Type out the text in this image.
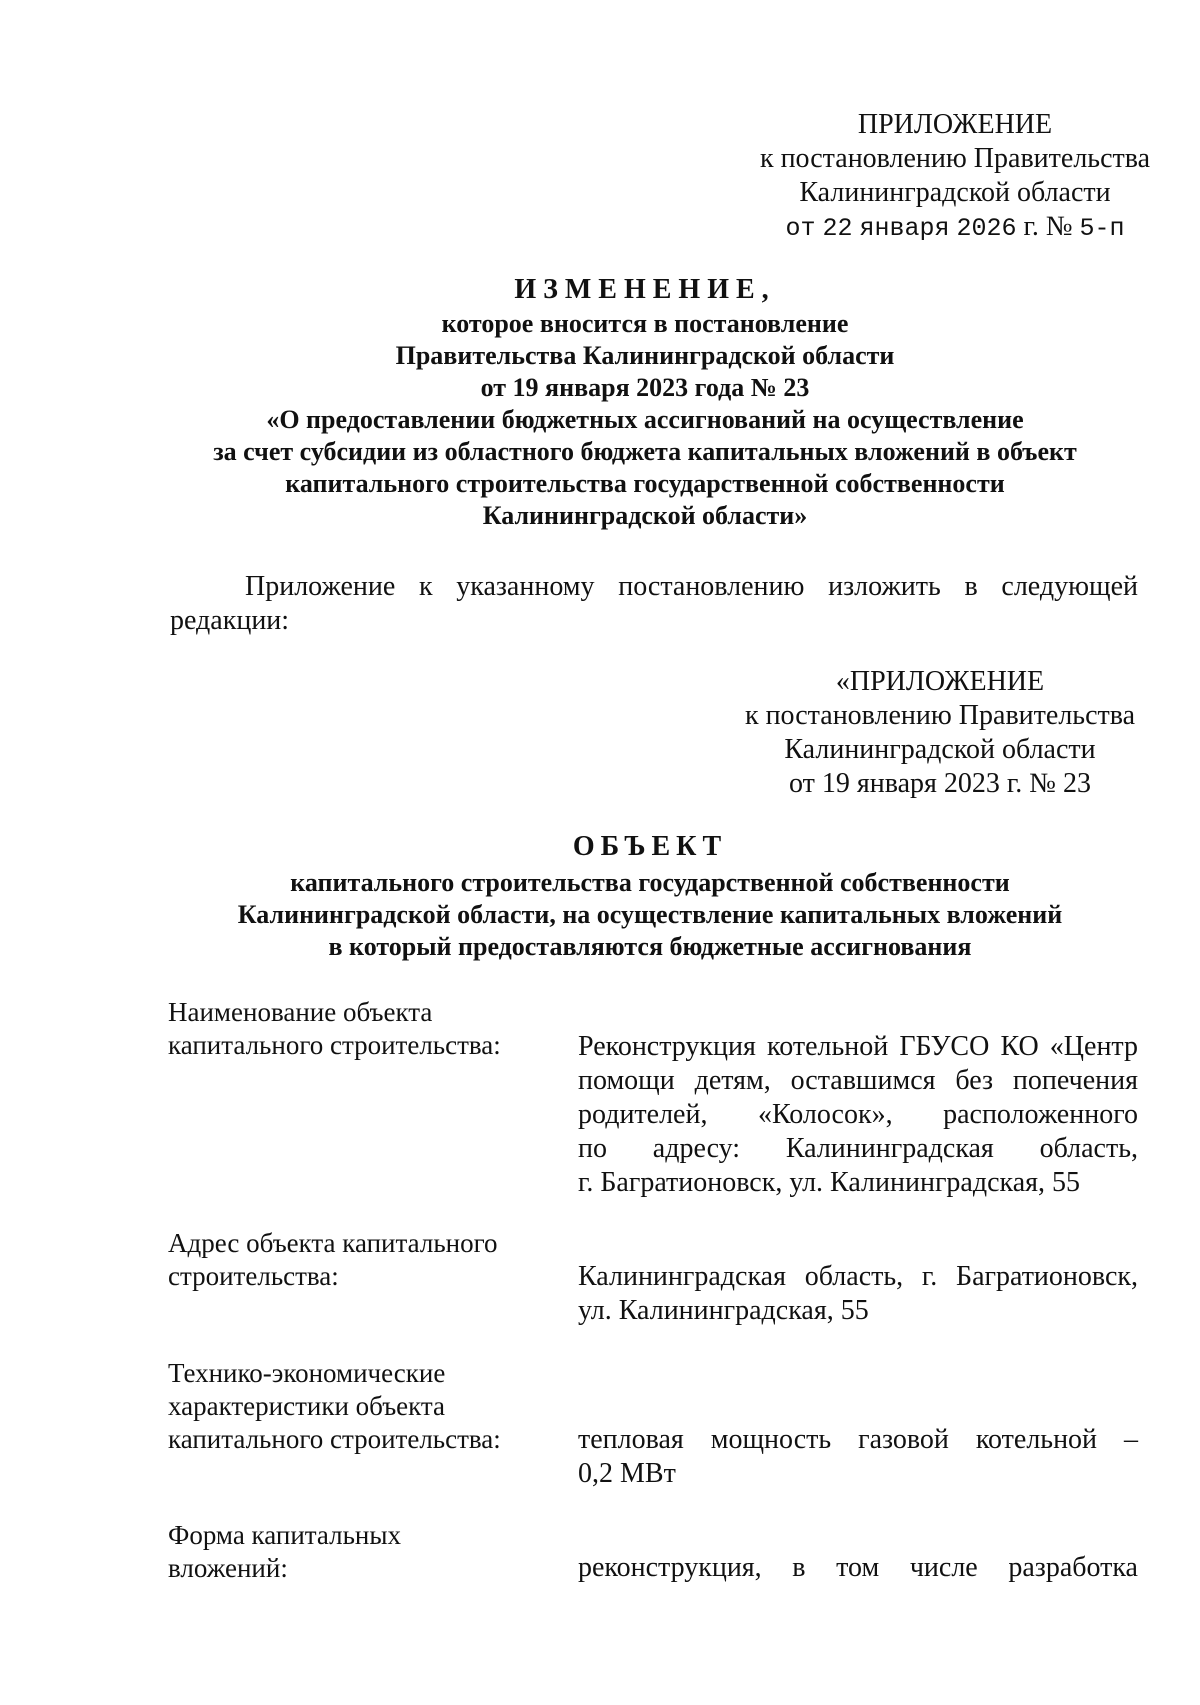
ПРИЛОЖЕНИЕ
к постановлению Правительства
Калининградской области
от 22 января 2026 г. № 5-п
ИЗМЕНЕНИЕ,
которое вносится в постановление
Правительства Калининградской области
от 19 января 2023 года № 23
«О предоставлении бюджетных ассигнований на осуществление
за счет субсидии из областного бюджета капитальных вложений в объект
капитального строительства государственной собственности
Калининградской области»
Приложение к указанному постановлению изложить в следующей
редакции:
«ПРИЛОЖЕНИЕ
к постановлению Правительства
Калининградской области
от 19 января 2023 г. № 23
ОБЪЕКТ
капитального строительства государственной собственности
Калининградской области, на осуществление капитальных вложений
в который предоставляются бюджетные ассигнования
Наименование объекта
капитального строительства:	Реконструкция котельной ГБУСО КО «Центр
помощи детям, оставшимся без попечения
родителей, «Колосок», расположенного
по адресу: Калининградская область,
г. Багратионовск, ул. Калининградская, 55
Адрес объекта капитального
строительства:	Калининградская область, г. Багратионовск,
ул. Калининградская, 55
Технико-экономические
характеристики объекта
капитального строительства:	тепловая мощность газовой котельной –
0,2 МВт
Форма капитальных
вложений:	реконструкция, в том числе разработка
